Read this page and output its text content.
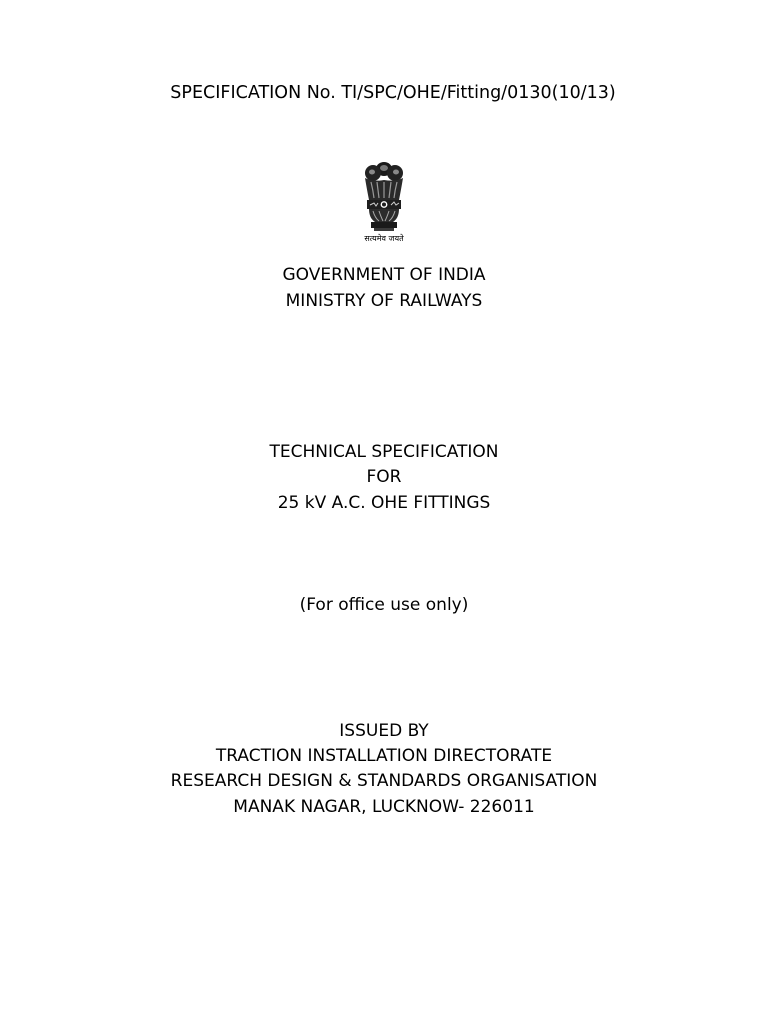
SPECIFICATION No. TI/SPC/OHE/Fitting/0130(10/13)
सत्यमेव जयते
GOVERNMENT OF INDIA
MINISTRY OF RAILWAYS
TECHNICAL SPECIFICATION
FOR
25 kV A.C. OHE FITTINGS
(For office use only)
ISSUED BY
TRACTION INSTALLATION DIRECTORATE
RESEARCH DESIGN & STANDARDS ORGANISATION
MANAK NAGAR, LUCKNOW- 226011
